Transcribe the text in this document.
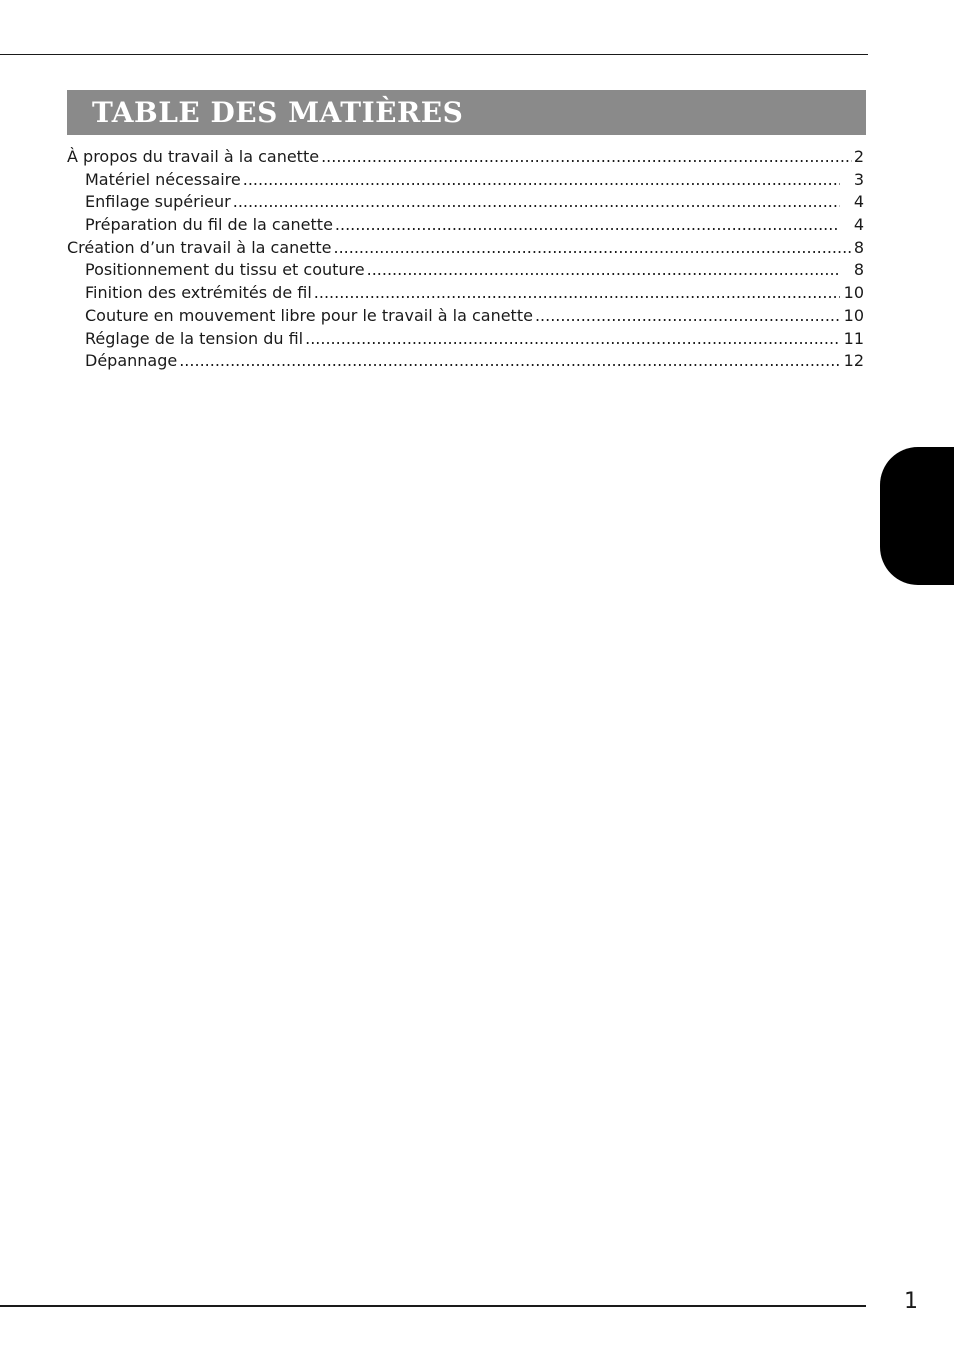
TABLE DES MATIÈRES
À propos du travail à la canette .....	2
Matériel nécessaire .....	3
Enfilage supérieur .....	4
Préparation du fil de la canette .....	4
Création d’un travail à la canette .....	8
Positionnement du tissu et couture .....	8
Finition des extrémités de fil .....	10
Couture en mouvement libre pour le travail à la canette .....	10
Réglage de la tension du fil .....	11
Dépannage .....	12
1
